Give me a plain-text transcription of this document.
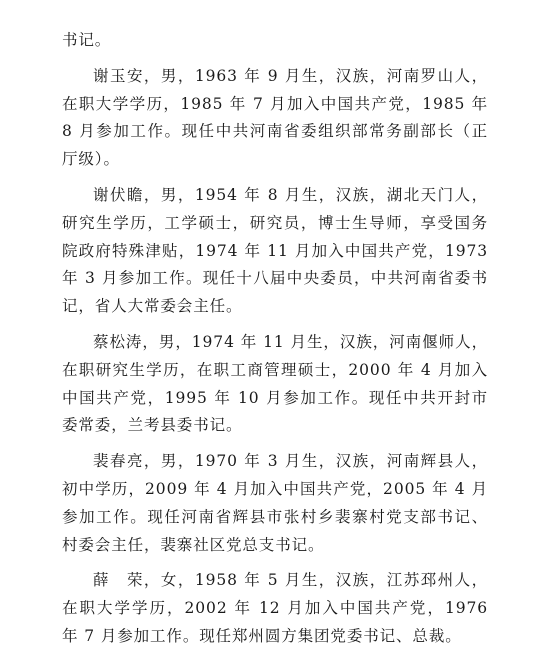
书记。

谢玉安，男，1963 年 9 月生，汉族，河南罗山人，在职大学学历，1985 年 7 月加入中国共产党，1985 年 8 月参加工作。现任中共河南省委组织部常务副部长（正厅级）。

谢伏瞻，男，1954 年 8 月生，汉族，湖北天门人，研究生学历，工学硕士，研究员，博士生导师，享受国务院政府特殊津贴，1974 年 11 月加入中国共产党，1973 年 3 月参加工作。现任十八届中央委员，中共河南省委书记，省人大常委会主任。

蔡松涛，男，1974 年 11 月生，汉族，河南偃师人，在职研究生学历，在职工商管理硕士，2000 年 4 月加入中国共产党，1995 年 10 月参加工作。现任中共开封市委常委，兰考县委书记。

裴春亮，男，1970 年 3 月生，汉族，河南辉县人，初中学历，2009 年 4 月加入中国共产党，2005 年 4 月参加工作。现任河南省辉县市张村乡裴寨村党支部书记、村委会主任，裴寨社区党总支书记。

薛　荣，女，1958 年 5 月生，汉族，江苏邳州人，在职大学学历，2002 年 12 月加入中国共产党，1976 年 7 月参加工作。现任郑州圆方集团党委书记、总裁。
